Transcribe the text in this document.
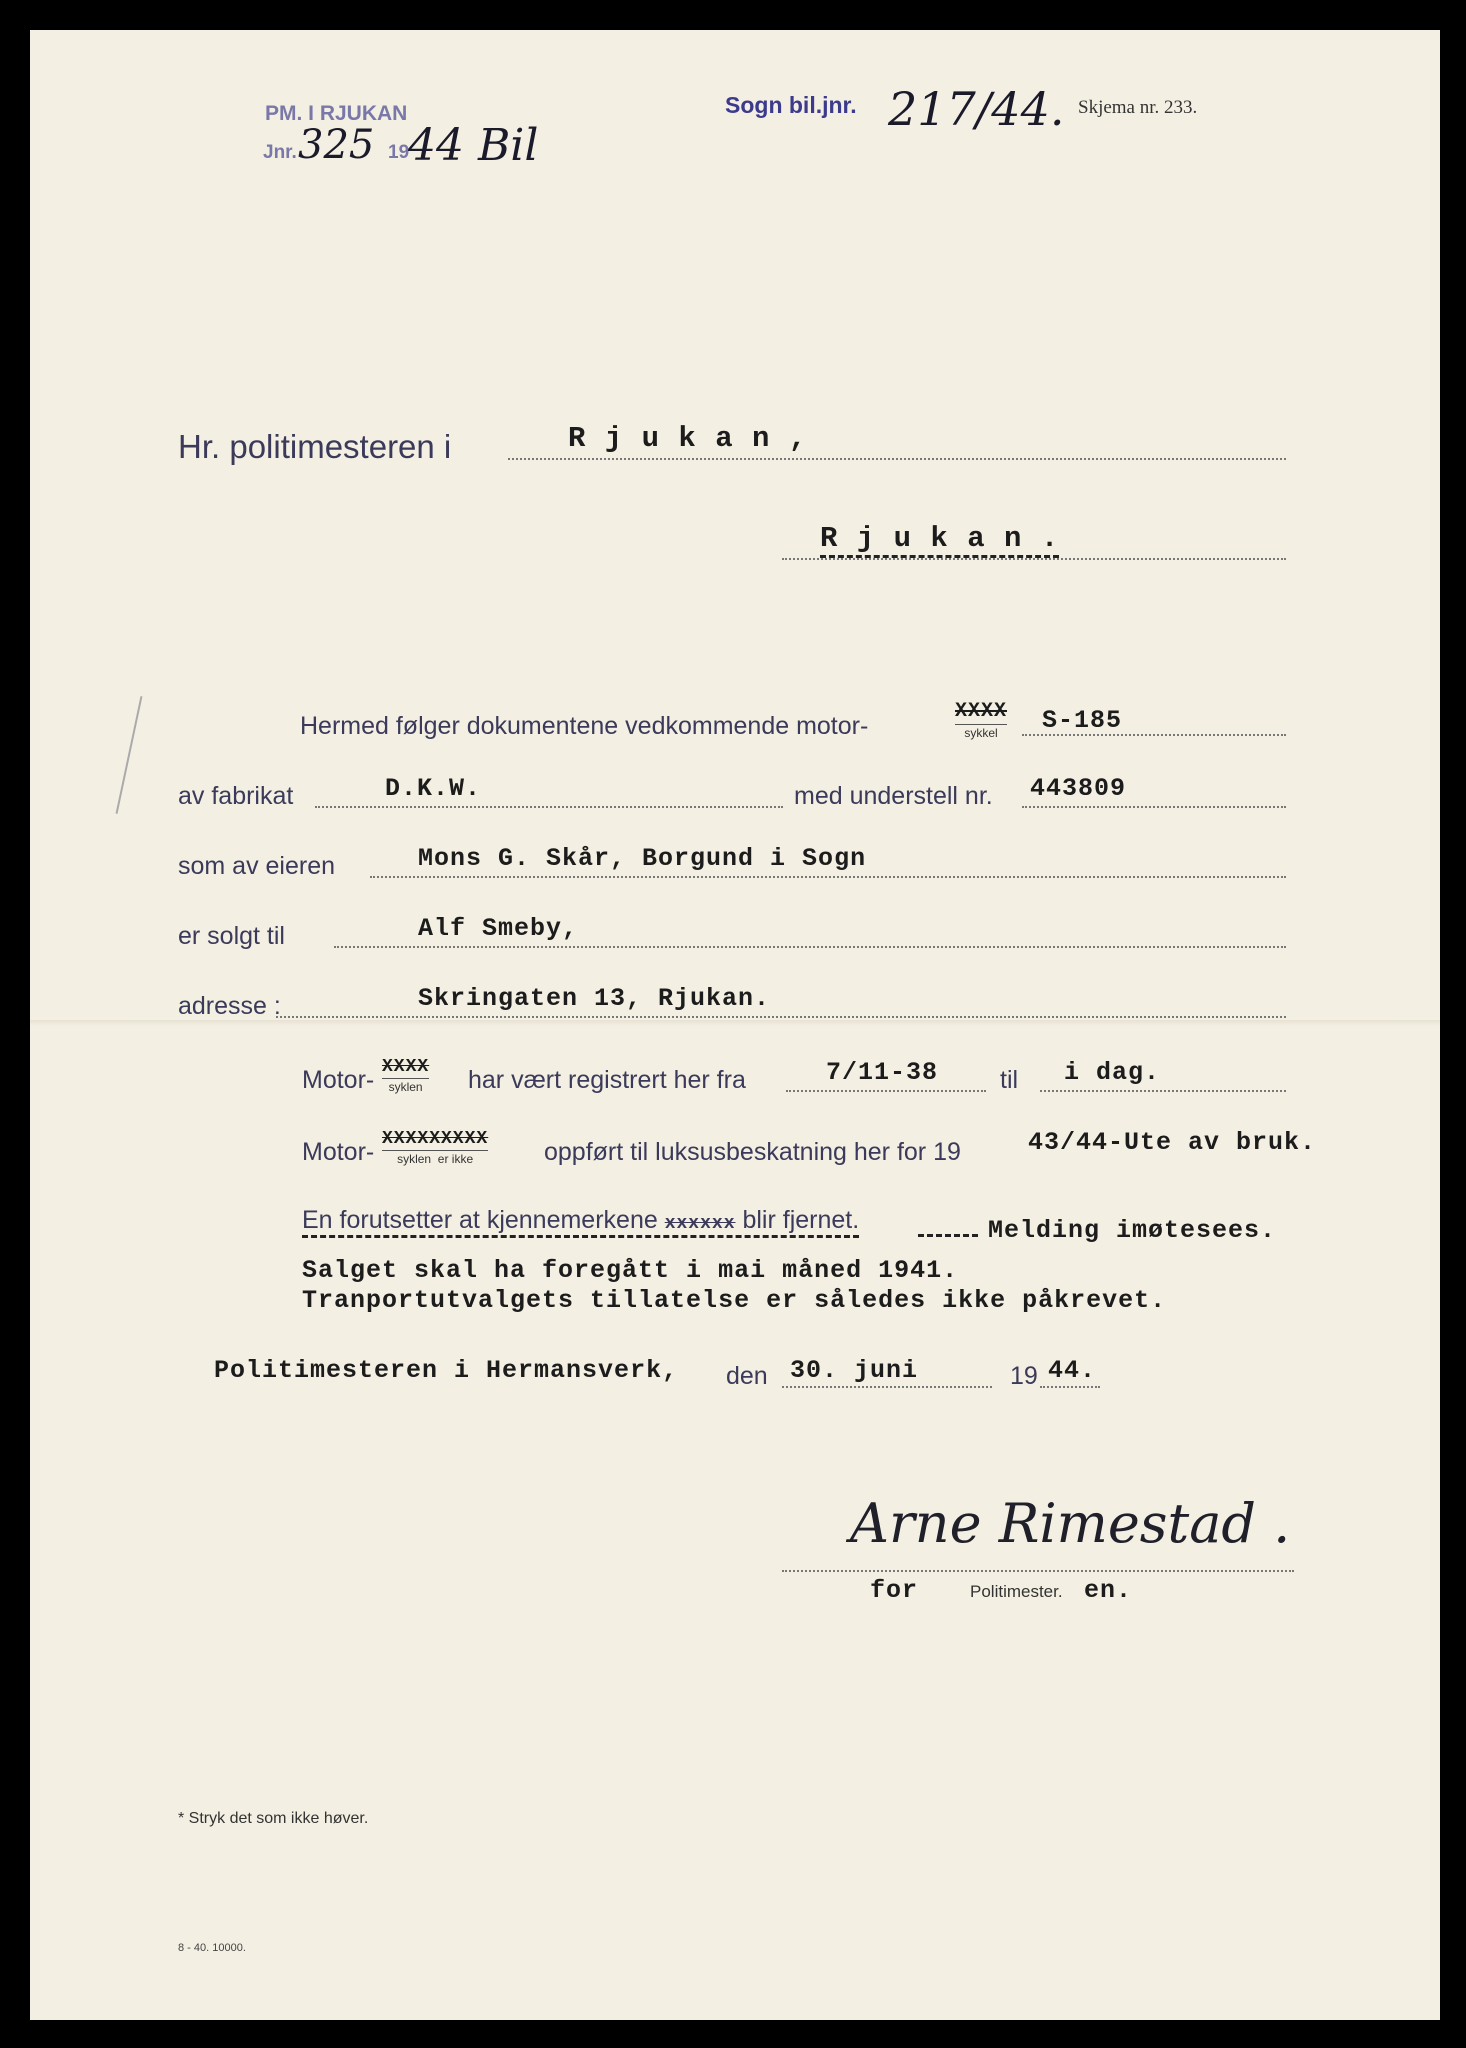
PM. I RJUKAN
Jnr. 325 19
44 Bil
Sogn bil.jnr. 217/44. Skjema nr. 233.
Hr. politimesteren i	R j u k a n ,
R j u k a n .
Hermed følger dokumentene vedkommende motor-
XXXX
sykkel	S-185
av fabrikat	D.K.W.	med understell nr. 443809
som av eieren	Mons G. Skår, Borgund i Sogn
er solgt til	Alf Smeby,
adresse :	Skringaten 13, Rjukan.
Motor- XXXX
syklen har vært registrert her fra	7/11-38 til i dag.
Motor- XXXXXXXXX
syklen er ikke	oppført til luksusbeskatning her for 19	43/44-Ute av bruk.
En forutsetter at kjennemerkene xxxxxx blir fjernet.	Melding imøtesees.
Salget skal ha foregått i mai måned 1941.
Tranportutvalgets tillatelse er således ikke påkrevet.
Politimesteren i Hermansverk, den 30. juni	19 44.
Arne Rimestad .
for	Politimester. en.
* Stryk det som ikke høver.
8 - 40. 10000.
